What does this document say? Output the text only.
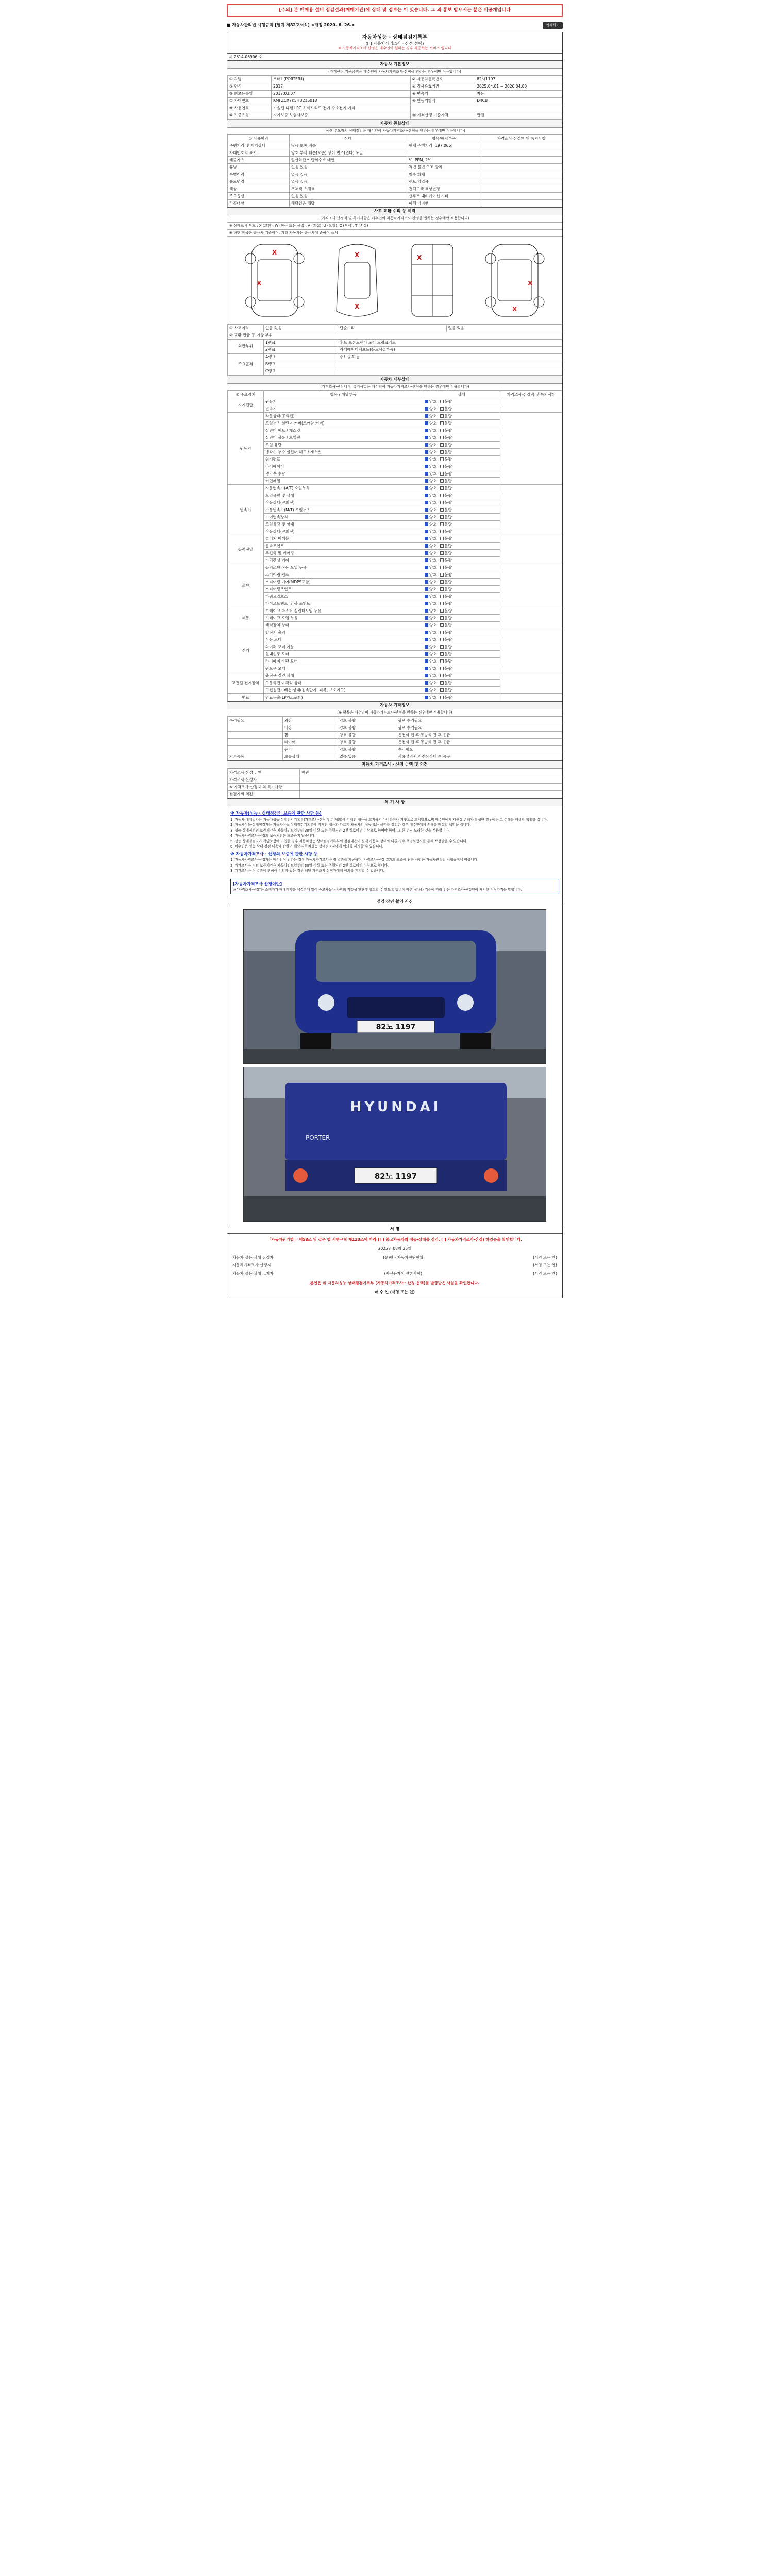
[주의] 본 매매용 설비 점검결과(매매기관)에 상태 및 정보는 이 있습니다. 그 외 통보 받으시는 분은 비공개입니다
■ 자동차관리법 시행규칙 [별지 제82호서식] <개정 2020. 6. 26.>	인쇄하기
자동차성능 · 상태점검기록부
([ ] 자동차가격조사 · 산정 선택)
※ 자동차가격조사·산정은 매수인이 원하는 경우 제공하는 서비스 입니다
제 2614-06906 호
자동차 기본정보
(가격산정 기준금액은 매수인이 자동차가격조사·산정을 원하는 경우에만 적용합니다)
① 차명	포터Ⅱ (PORTERⅡ)	② 자동차등록번호	82사1197
③ 연식	2017	④ 검사유효기간	2025.04.01 ~ 2026.04.00
⑤ 최초등록일	2017.03.07	⑥ 변속기	자동
⑦ 차대번호	KMFZCX7K5HU216018	⑧ 원동기형식	D4CB
⑨ 사용연료	가솔린 디젤 LPG 하이브리드 전기 수소전기 기타		
⑩ 보증유형	자가보증 보험사보증	⑪ 가격산정 기준가격	만원
자동차 종합상태
(국산·주요장치 상태점검은 매수인이 자동차가격조사·산정을 원하는 경우에만 적용합니다)
① 사용이력	상태	항목/해당부품	가격조사·산정액 및 특기사항
주행거리 및 계기상태	많음 보통 적음	현재 주행거리 [197,066]	
차대번호의 표기	양호 부식 훼손(오손) 상이 변조(변타) 도말		
배출가스	일산화탄소 탄화수소 매연	%, PPM, 2%	
튜닝	없음 있음	적법 불법 구조 장치	
특별이력	없음 있음	침수 화재	
용도변경	없음 있음	렌트 영업용	
색상	무채색 유채색	전체도색 색상변경	
주요옵션	없음 있음	선루프 내비게이션 기타	
리콜대상	해당없음 해당	이행 미이행	
사고 교환 수리 등 이력
(가격조사·산정액 및 특기사항은 매수인이 자동차가격조사·산정을 원하는 경우에만 적용합니다)
※ 상태표시 부호 : X (교환), W (판금 또는 용접), A (흠집), U (요철), C (부식), T (손상)
※ 하단 항목은 승용차 기준이며, 기타 자동차는 승용차에 준하여 표시
X
X
X
X
X
X
X
① 사고이력	없음 있음	단순수리	없음 있음
② 교환·판금 등 이상 부위			
외판부위	1랭크	후드 프론트펜더 도어 트렁크리드	
	2랭크	라디에이터서포트(볼트체결부품)	
주요골격	A랭크	주요골격 등	
	B랭크		
	C랭크		
자동차 세부상태
(가격조사·산정액 및 특기사항은 매수인이 자동차가격조사·산정을 원하는 경우에만 적용합니다)
① 주요장치	항목 / 해당부품	상태	가격조사·산정액 및 특기사항
자기진단	원동기	양호 불량	
	변속기	양호 불량	
원동기	작동상태(공회전)	양호 불량	
	오일누유 실린더 커버(로커암 커버)	양호 불량	
	실린더 헤드 / 개스킷	양호 불량	
	실린더 블록 / 오일팬	양호 불량	
	오일 유량	양호 불량	
	냉각수 누수 실린더 헤드 / 개스킷	양호 불량	
	워터펌프	양호 불량	
	라디에이터	양호 불량	
	냉각수 수량	양호 불량	
	커먼레일	양호 불량	
변속기	자동변속기(A/T) 오일누유	양호 불량	
	오일유량 및 상태	양호 불량	
	작동상태(공회전)	양호 불량	
	수동변속기(M/T) 오일누유	양호 불량	
	기어변속장치	양호 불량	
	오일유량 및 상태	양호 불량	
	작동상태(공회전)	양호 불량	
동력전달	클러치 어셈블리	양호 불량	
	등속조인트	양호 불량	
	추진축 및 베어링	양호 불량	
	디퍼렌셜 기어	양호 불량	
조향	동력조향 작동 오일 누유	양호 불량	
	스티어링 펌프	양호 불량	
	스티어링 기어(MDPS포함)	양호 불량	
	스티어링조인트	양호 불량	
	파워고압호스	양호 불량	
	타이로드엔드 및 볼 조인트	양호 불량	
제동	브레이크 마스터 실린더오일 누유	양호 불량	
	브레이크 오일 누유	양호 불량	
	배력장치 상태	양호 불량	
전기	발전기 출력	양호 불량	
	시동 모터	양호 불량	
	와이퍼 모터 기능	양호 불량	
	실내송풍 모터	양호 불량	
	라디에이터 팬 모터	양호 불량	
	윈도우 모터	양호 불량	
고전원 전기장치	충전구 절연 상태	양호 불량	
	구동축전지 격리 상태	양호 불량	
	고전원전기배선 상태(접속단자, 피복, 보호기구)	양호 불량	
연료	연료누출(LP가스포함)	양호 불량	
자동차 기타정보
(※ 항목은 매수인이 자동차가격조사·산정을 원하는 경우에만 적용합니다)
수리필요	외장	양호 불량	광택 수리필요
	내장	양호 불량	광택 수리필요
	휠	양호 불량	운전석 전 후 동승석 전 후 응급
	타이어	양호 불량	운전석 전 후 동승석 전 후 응급
	유리	양호 불량	수리필요
기본품목	보유상태	없음 있음	사용설명서 안전삼각대 잭 공구
자동차 가격조사 · 산정 금액 및 의견
가격조사·산정 금액	만원
가격조사·산정자	
※ 가격조사·산정자 외 특기사항	
점검자의 의견	
특 기 사 항
※ 자동차(성능 · 상태점검의 보증에 관한 사항 등)

1. 자동차 매매업자는 자동차성능·상태점검기록부(가격조사·산정 부분 제외)에 기재된 내용을 고지하지 아니하거나 거짓으로 고지함으로써 매수인에게 재산상 손해가 발생한 경우에는 그 손해를 배상할 책임을 집니다.

2. 자동차성능·상태점검자는 자동차성능·상태점검기록부에 기재된 내용과 다르게 자동차의 성능 또는 상태를 점검한 경우 매수인에게 손해를 배상할 책임을 집니다.

3. 성능·상태점검의 보증기간은 자동차인도일부터 30일 이상 또는 주행거리 2천 킬로미터 이상으로 하여야 하며, 그 중 먼저 도래한 것을 적용합니다.

4. 자동차가격조사·산정의 보증기간은 보증하지 않습니다.

5. 성능·상태점검자가 책임보험에 가입한 경우 자동차성능·상태점검기록부의 점검내용이 실제 자동차 상태와 다른 경우 책임보험사를 통해 보상받을 수 있습니다.

6. 매수인은 성능·상태 점검 내용에 관하여 해당 자동차성능·상태점검자에게 이의를 제기할 수 있습니다.

※ 자동차가격조사 · 산정의 보증에 관한 사항 등

1. 자동차가격조사·산정자는 매수인이 원하는 경우 자동차가격조사·산정 결과를 제공하며, 가격조사·산정 결과의 보증에 관한 사항은 자동차관리법 시행규칙에 따릅니다.

2. 가격조사·산정의 보증기간은 자동차인도일부터 30일 이상 또는 주행거리 2천 킬로미터 이상으로 합니다.

3. 가격조사·산정 결과에 관하여 이의가 있는 경우 해당 가격조사·산정자에게 이의를 제기할 수 있습니다.

[자동차가격조사 산정이란]

※ "가격조사·산정"은 소비자가 매매계약을 체결함에 있어 중고자동차 가격의 적정성 판단에 참고할 수 있도록 법령에 따른 절차와 기준에 따라 전문 가격조사·산정인이 제시한 적정가격을 말합니다.

점검 장면 촬영 사진
82노 1197
HYUNDAI
PORTER
82노 1197
서 명

「자동차관리법」 제58조 및 같은 법 시행규칙 제120조에 따라 ([ ] 중고자동차의 성능·상태를 점검, [ ] 자동차가격조사·산정) 하였음을 확인합니다.

2025년 08월 25일

자동차 성능·상태 점검자	(유)한국자동차진단현황	(서명 또는 인)
자동차가격조사·산정자	(서명 또는 인)
자동차 성능·상태 고지자	(자신문자이 관한사항)	(서명 또는 인)

본인은 위 자동차성능·상태점검기록부 (자동차가격조사 · 산정 선택)를 발급받은 사실을 확인합니다.

매 수 인 (서명 또는 인)
